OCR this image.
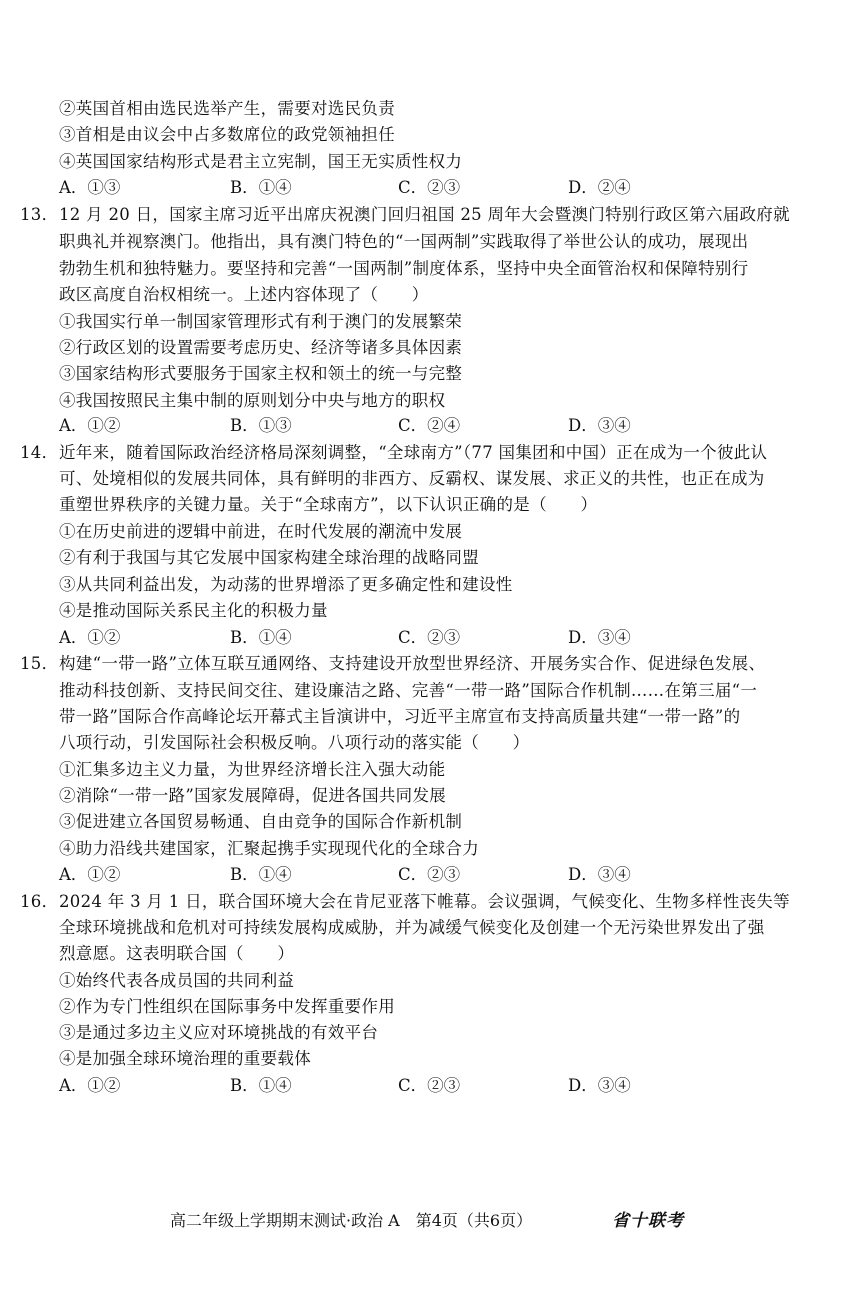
②英国首相由选民选举产生，需要对选民负责
③首相是由议会中占多数席位的政党领袖担任
④英国国家结构形式是君主立宪制，国王无实质性权力
A．①③	B．①④	C．②③	D．②④
13． 12 月 20 日，国家主席习近平出席庆祝澳门回归祖国 25 周年大会暨澳门特别行政区第六届政府就
职典礼并视察澳门。他指出，具有澳门特色的“一国两制”实践取得了举世公认的成功，展现出
勃勃生机和独特魅力。要坚持和完善“一国两制”制度体系，坚持中央全面管治权和保障特别行
政区高度自治权相统一。上述内容体现了（　　）
①我国实行单一制国家管理形式有利于澳门的发展繁荣
②行政区划的设置需要考虑历史、经济等诸多具体因素
③国家结构形式要服务于国家主权和领土的统一与完整
④我国按照民主集中制的原则划分中央与地方的职权
A．①②	B．①③	C．②④	D．③④
14． 近年来，随着国际政治经济格局深刻调整，“全球南方”（77 国集团和中国）正在成为一个彼此认
可、处境相似的发展共同体，具有鲜明的非西方、反霸权、谋发展、求正义的共性，也正在成为
重塑世界秩序的关键力量。关于“全球南方”，以下认识正确的是（　　）
①在历史前进的逻辑中前进，在时代发展的潮流中发展
②有利于我国与其它发展中国家构建全球治理的战略同盟
③从共同利益出发，为动荡的世界增添了更多确定性和建设性
④是推动国际关系民主化的积极力量
A．①②	B．①④	C．②③	D．③④
15． 构建“一带一路”立体互联互通网络、支持建设开放型世界经济、开展务实合作、促进绿色发展、
推动科技创新、支持民间交往、建设廉洁之路、完善“一带一路”国际合作机制……在第三届“一
带一路”国际合作高峰论坛开幕式主旨演讲中，习近平主席宣布支持高质量共建“一带一路”的
八项行动，引发国际社会积极反响。八项行动的落实能（　　）
①汇集多边主义力量，为世界经济增长注入强大动能
②消除“一带一路”国家发展障碍，促进各国共同发展
③促进建立各国贸易畅通、自由竞争的国际合作新机制
④助力沿线共建国家，汇聚起携手实现现代化的全球合力
A．①②	B．①④	C．②③	D．③④
16． 2024 年 3 月 1 日，联合国环境大会在肯尼亚落下帷幕。会议强调，气候变化、生物多样性丧失等
全球环境挑战和危机对可持续发展构成威胁，并为减缓气候变化及创建一个无污染世界发出了强
烈意愿。这表明联合国（　　）
①始终代表各成员国的共同利益
②作为专门性组织在国际事务中发挥重要作用
③是通过多边主义应对环境挑战的有效平台
④是加强全球环境治理的重要载体
A．①②	B．①④	C．②③	D．③④
高二年级上学期期末测试·政治 A　第4页（共6页）	省十联考
